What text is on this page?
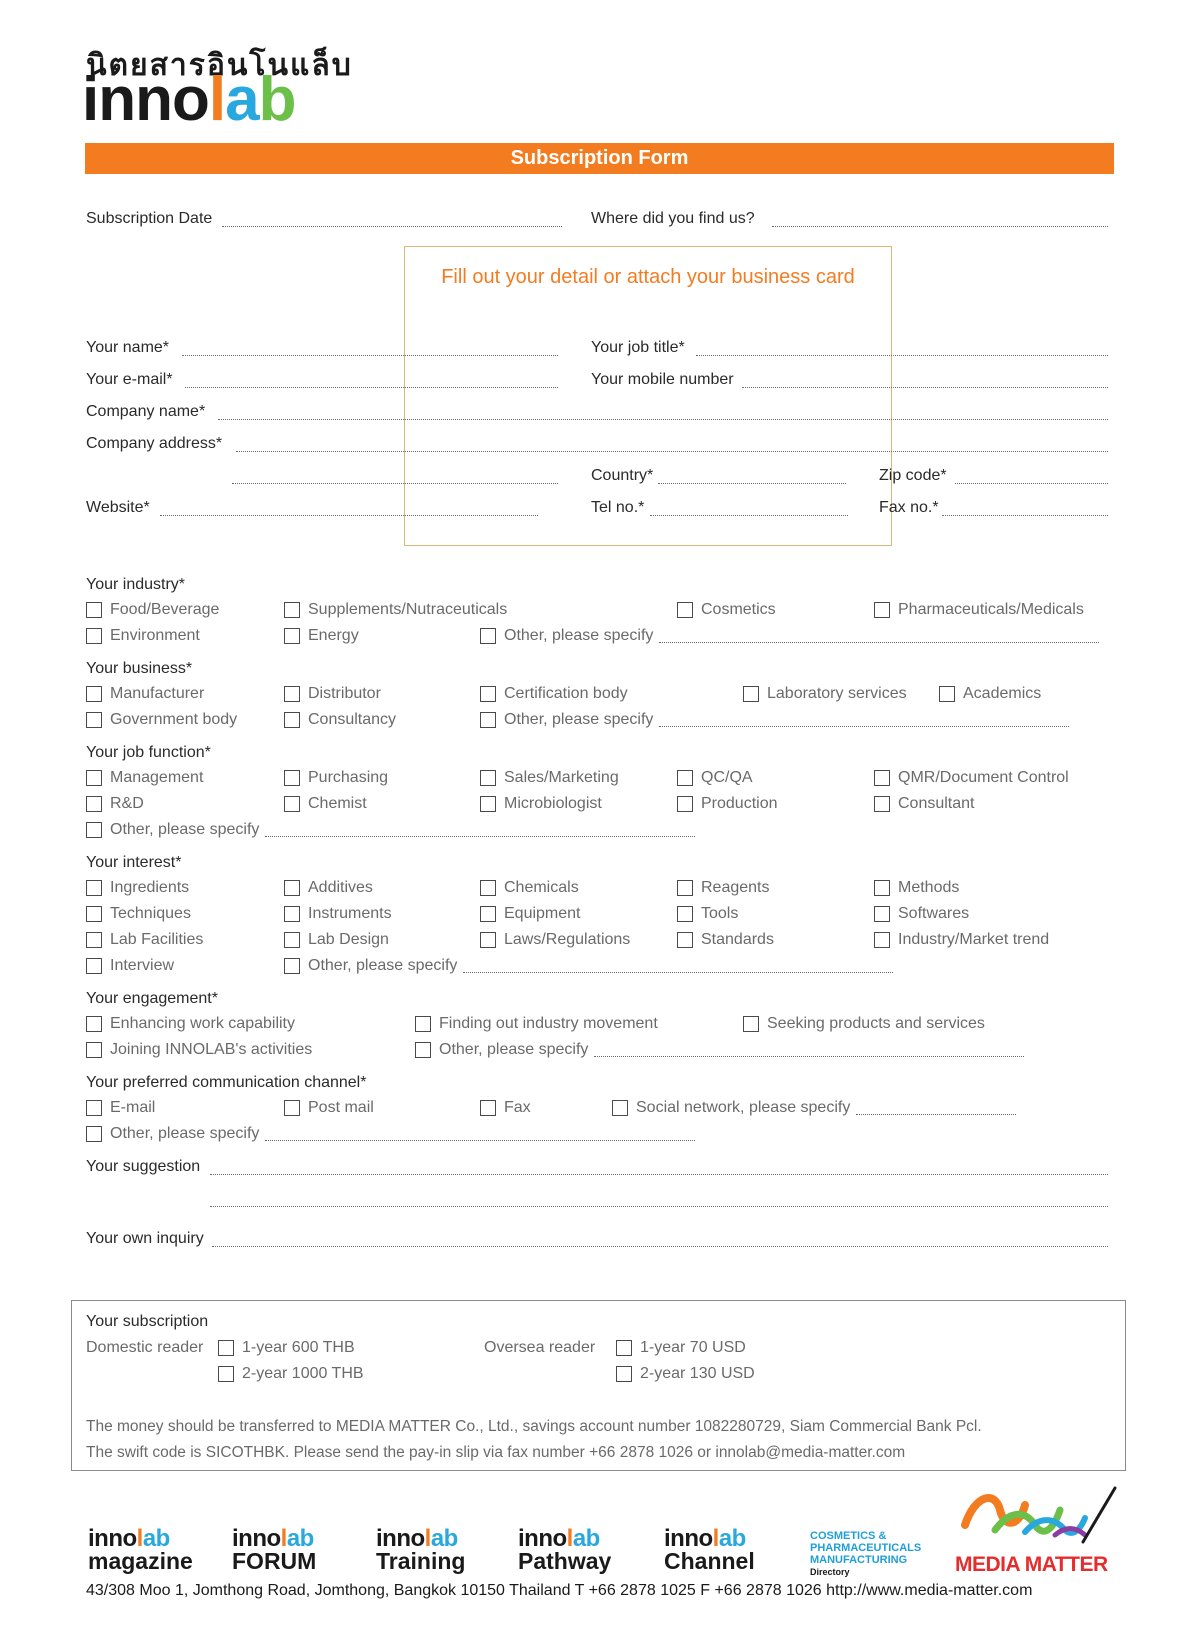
นิตยสารอินโนแล็บ
innolab
Subscription Form
Subscription Date	Where did you find us?
Fill out your detail or attach your business card
Your name*	Your job title*
Your e-mail*	Your mobile number
Company name*
Company address*
Country*	Zip code*
Website*	Tel no.*	Fax no.*
Your industry*
Food/Beverage	Supplements/Nutraceuticals	Cosmetics	Pharmaceuticals/Medicals
Environment	Energy	Other, please specify
Your business*
Manufacturer	Distributor	Certification body	Laboratory services	Academics
Government body	Consultancy	Other, please specify
Your job function*
Management	Purchasing	Sales/Marketing	QC/QA	QMR/Document Control
R&D	Chemist	Microbiologist	Production	Consultant
Other, please specify
Your interest*
Ingredients	Additives	Chemicals	Reagents	Methods
Techniques	Instruments	Equipment	Tools	Softwares
Lab Facilities	Lab Design	Laws/Regulations	Standards	Industry/Market trend
Interview	Other, please specify
Your engagement*
Enhancing work capability	Finding out industry movement	Seeking products and services
Joining INNOLAB's activities	Other, please specify
Your preferred communication channel*
E-mail	Post mail	Fax	Social network, please specify
Other, please specify
Your suggestion
Your own inquiry
Your subscription
Domestic reader 1-year 600 THB
2-year 1000 THB
Oversea reader	1-year 70 USD
2-year 130 USD
The money should be transferred to MEDIA MATTER Co., Ltd., savings account number 1082280729, Siam Commercial Bank Pcl.
The swift code is SICOTHBK. Please send the pay-in slip via fax number +66 2878 1026 or innolab@media-matter.com
innolab
magazine
innolab
FORUM
innolab
Training
innolab
Pathway
innolab
Channel
COSMETICS &
PHARMACEUTICALS
MANUFACTURING
Directory	MEDIA MATTER
43/308 Moo 1, Jomthong Road, Jomthong, Bangkok 10150 Thailand T +66 2878 1025 F +66 2878 1026 http://www.media-matter.com
